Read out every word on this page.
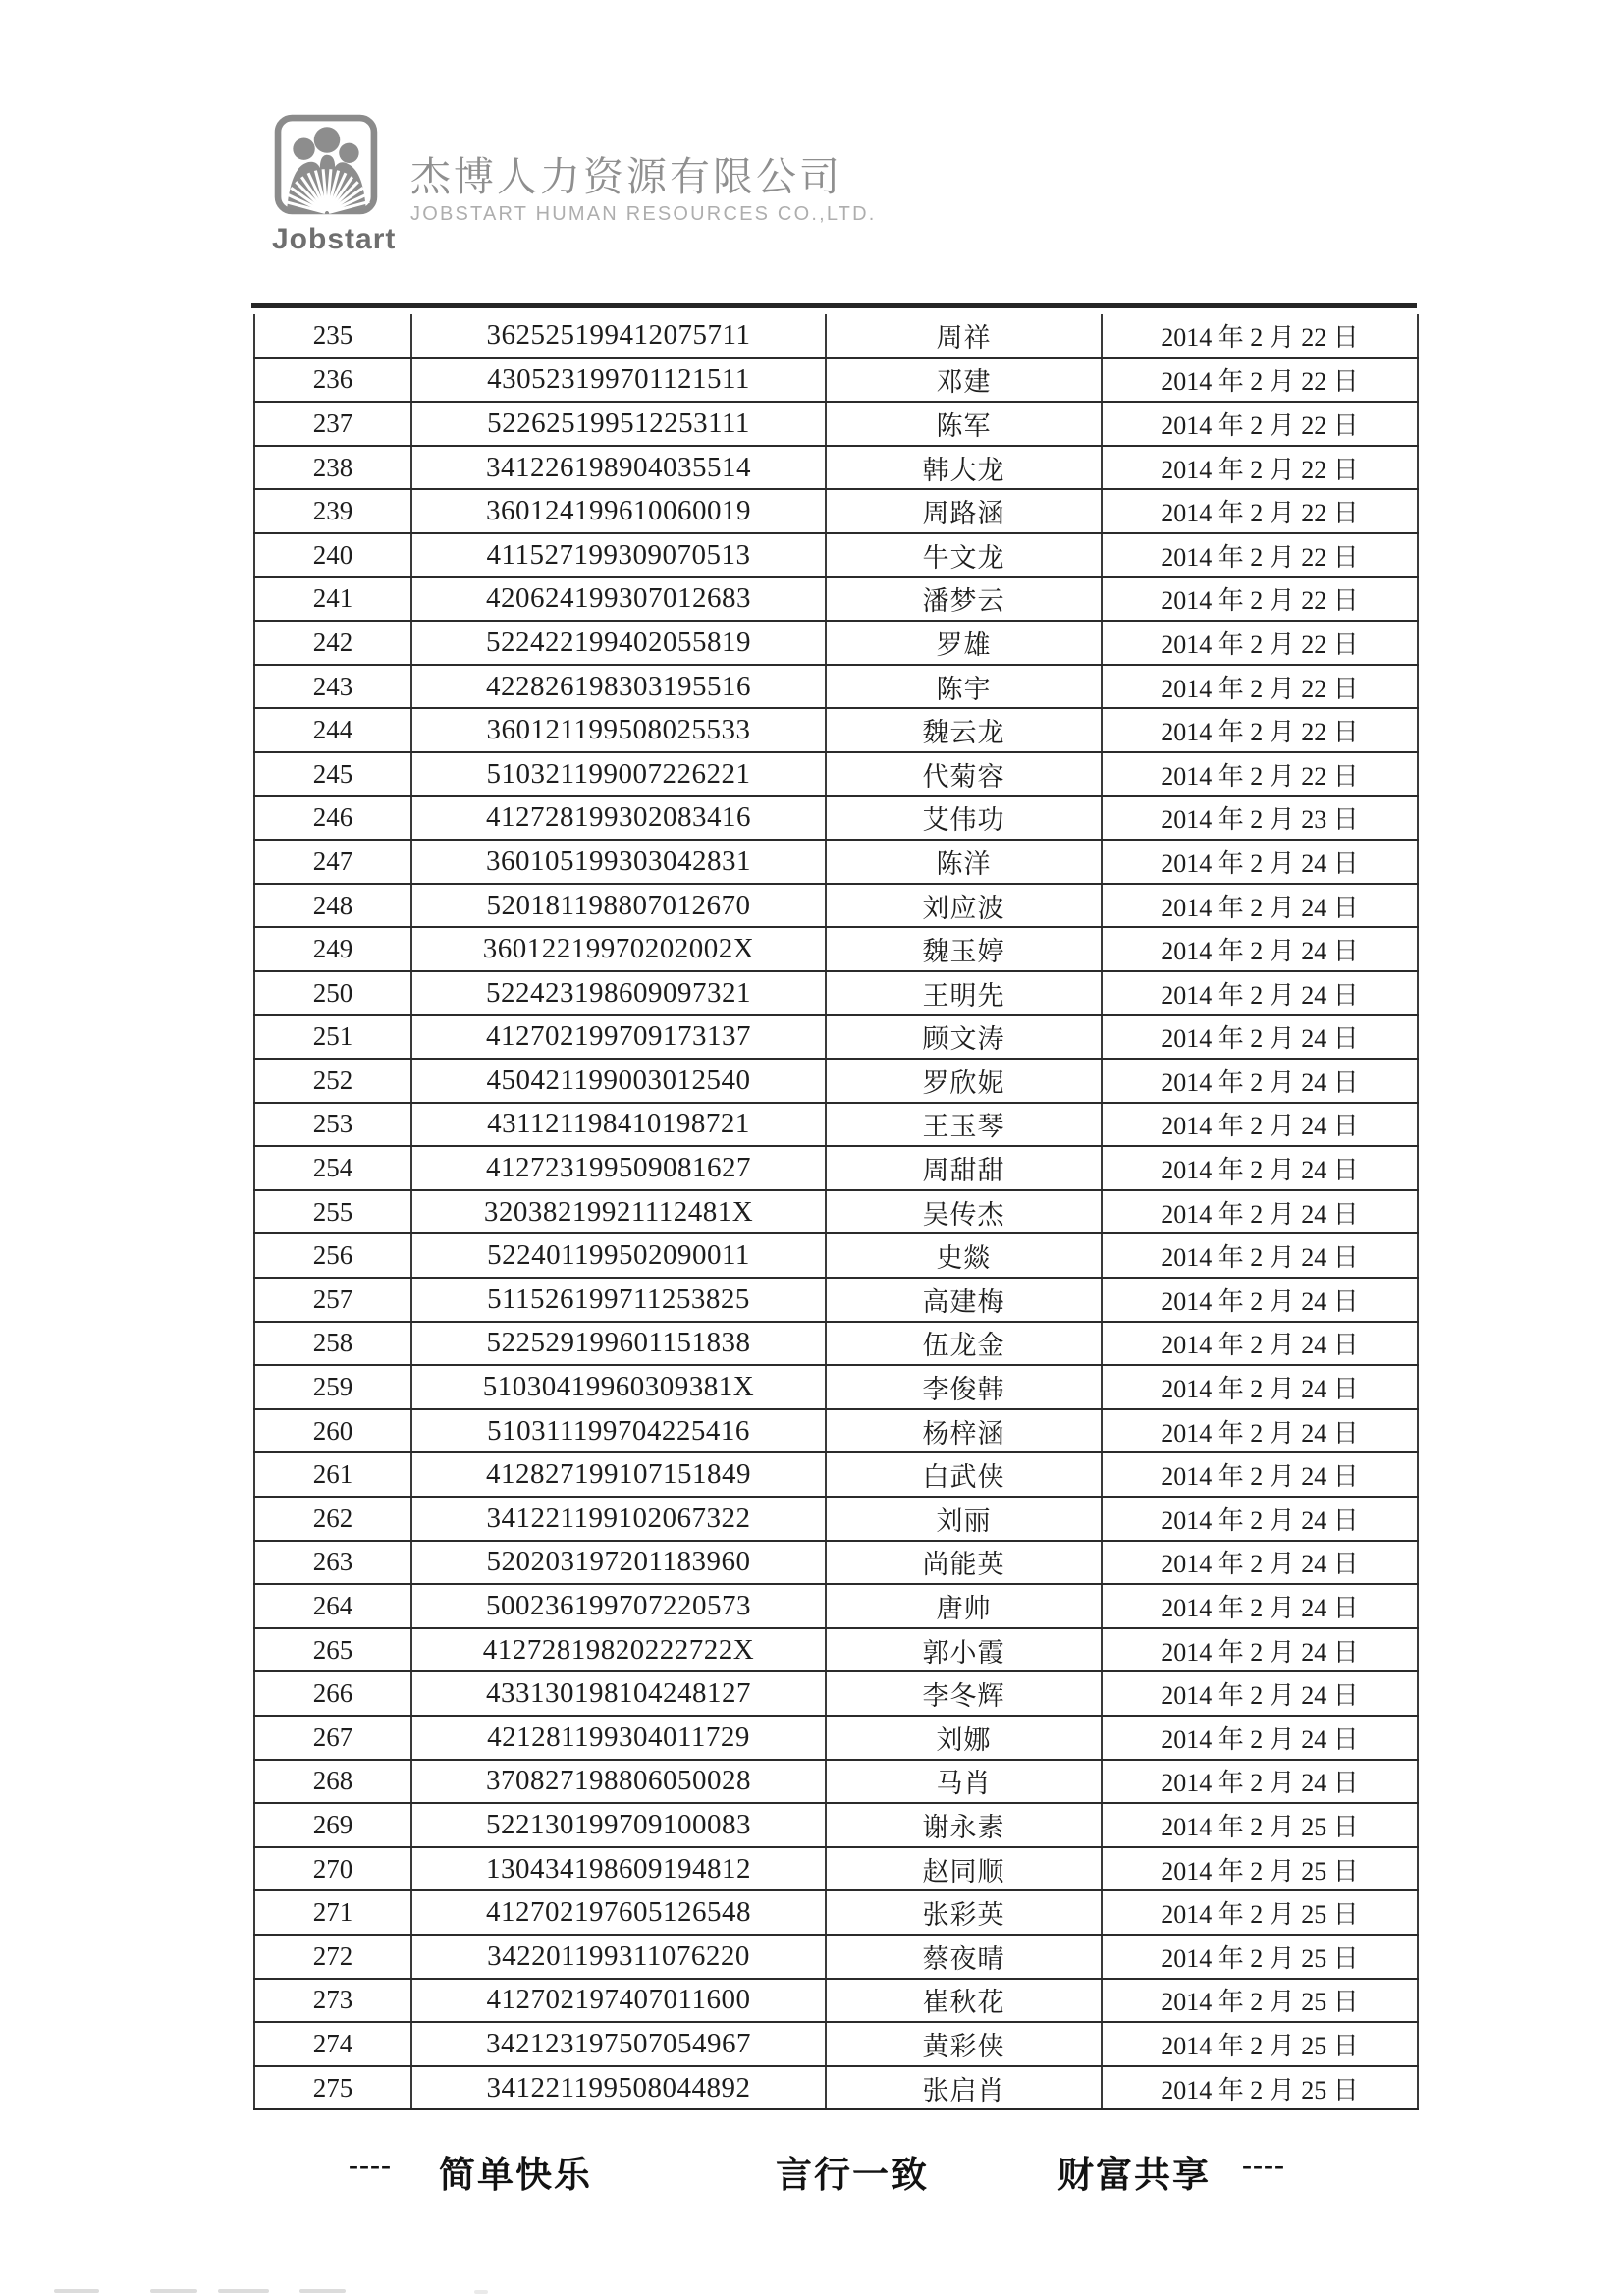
Jobstart
杰博人力资源有限公司
JOBSTART HUMAN RESOURCES CO.,LTD.
235	362525199412075711	周祥	2014 年 2 月 22 日
236	430523199701121511	邓建	2014 年 2 月 22 日
237	522625199512253111	陈军	2014 年 2 月 22 日
238	341226198904035514	韩大龙	2014 年 2 月 22 日
239	360124199610060019	周路涵	2014 年 2 月 22 日
240	411527199309070513	牛文龙	2014 年 2 月 22 日
241	420624199307012683	潘梦云	2014 年 2 月 22 日
242	522422199402055819	罗雄	2014 年 2 月 22 日
243	422826198303195516	陈宇	2014 年 2 月 22 日
244	360121199508025533	魏云龙	2014 年 2 月 22 日
245	510321199007226221	代菊容	2014 年 2 月 22 日
246	412728199302083416	艾伟功	2014 年 2 月 23 日
247	360105199303042831	陈洋	2014 年 2 月 24 日
248	520181198807012670	刘应波	2014 年 2 月 24 日
249	36012219970202002X	魏玉婷	2014 年 2 月 24 日
250	522423198609097321	王明先	2014 年 2 月 24 日
251	412702199709173137	顾文涛	2014 年 2 月 24 日
252	450421199003012540	罗欣妮	2014 年 2 月 24 日
253	431121198410198721	王玉琴	2014 年 2 月 24 日
254	412723199509081627	周甜甜	2014 年 2 月 24 日
255	32038219921112481X	吴传杰	2014 年 2 月 24 日
256	522401199502090011	史燚	2014 年 2 月 24 日
257	511526199711253825	高建梅	2014 年 2 月 24 日
258	522529199601151838	伍龙金	2014 年 2 月 24 日
259	51030419960309381X	李俊韩	2014 年 2 月 24 日
260	510311199704225416	杨梓涵	2014 年 2 月 24 日
261	412827199107151849	白武侠	2014 年 2 月 24 日
262	341221199102067322	刘丽	2014 年 2 月 24 日
263	520203197201183960	尚能英	2014 年 2 月 24 日
264	500236199707220573	唐帅	2014 年 2 月 24 日
265	41272819820222722X	郭小霞	2014 年 2 月 24 日
266	433130198104248127	李冬辉	2014 年 2 月 24 日
267	421281199304011729	刘娜	2014 年 2 月 24 日
268	370827198806050028	马肖	2014 年 2 月 24 日
269	522130199709100083	谢永素	2014 年 2 月 25 日
270	130434198609194812	赵同顺	2014 年 2 月 25 日
271	412702197605126548	张彩英	2014 年 2 月 25 日
272	342201199311076220	蔡夜晴	2014 年 2 月 25 日
273	412702197407011600	崔秋花	2014 年 2 月 25 日
274	342123197507054967	黄彩侠	2014 年 2 月 25 日
275	341221199508044892	张启肖	2014 年 2 月 25 日
---- 简单快乐	言行一致	财富共享 ----
